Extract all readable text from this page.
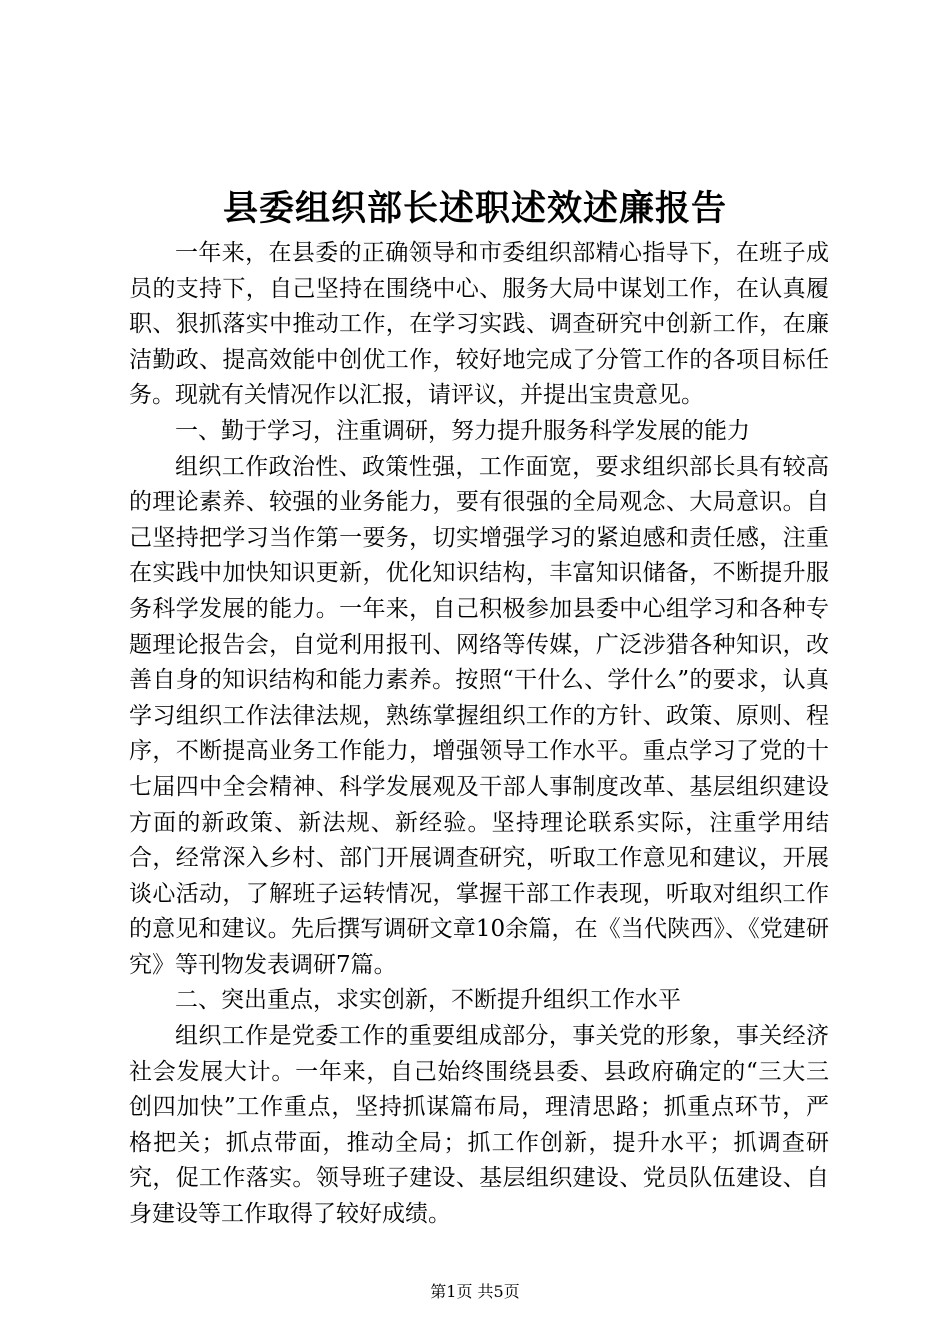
县委组织部长述职述效述廉报告

一年来，在县委的正确领导和市委组织部精心指导下，在班子成员的支持下，自己坚持在围绕中心、服务大局中谋划工作，在认真履职、狠抓落实中推动工作，在学习实践、调查研究中创新工作，在廉洁勤政、提高效能中创优工作，较好地完成了分管工作的各项目标任务。现就有关情况作以汇报，请评议，并提出宝贵意见。

一、勤于学习，注重调研，努力提升服务科学发展的能力

组织工作政治性、政策性强，工作面宽，要求组织部长具有较高的理论素养、较强的业务能力，要有很强的全局观念、大局意识。自己坚持把学习当作第一要务，切实增强学习的紧迫感和责任感，注重在实践中加快知识更新，优化知识结构，丰富知识储备，不断提升服务科学发展的能力。一年来，自己积极参加县委中心组学习和各种专题理论报告会，自觉利用报刊、网络等传媒，广泛涉猎各种知识，改善自身的知识结构和能力素养。按照“干什么、学什么”的要求，认真学习组织工作法律法规，熟练掌握组织工作的方针、政策、原则、程序，不断提高业务工作能力，增强领导工作水平。重点学习了党的十七届四中全会精神、科学发展观及干部人事制度改革、基层组织建设方面的新政策、新法规、新经验。坚持理论联系实际，注重学用结合，经常深入乡村、部门开展调查研究，听取工作意见和建议，开展谈心活动，了解班子运转情况，掌握干部工作表现，听取对组织工作的意见和建议。先后撰写调研文章10余篇，在《当代陕西》、《党建研究》等刊物发表调研7篇。

二、突出重点，求实创新，不断提升组织工作水平

组织工作是党委工作的重要组成部分，事关党的形象，事关经济社会发展大计。一年来，自己始终围绕县委、县政府确定的“三大三创四加快”工作重点，坚持抓谋篇布局，理清思路；抓重点环节，严格把关；抓点带面，推动全局；抓工作创新，提升水平；抓调查研究，促工作落实。领导班子建设、基层组织建设、党员队伍建设、自身建设等工作取得了较好成绩。

第1页 共5页
